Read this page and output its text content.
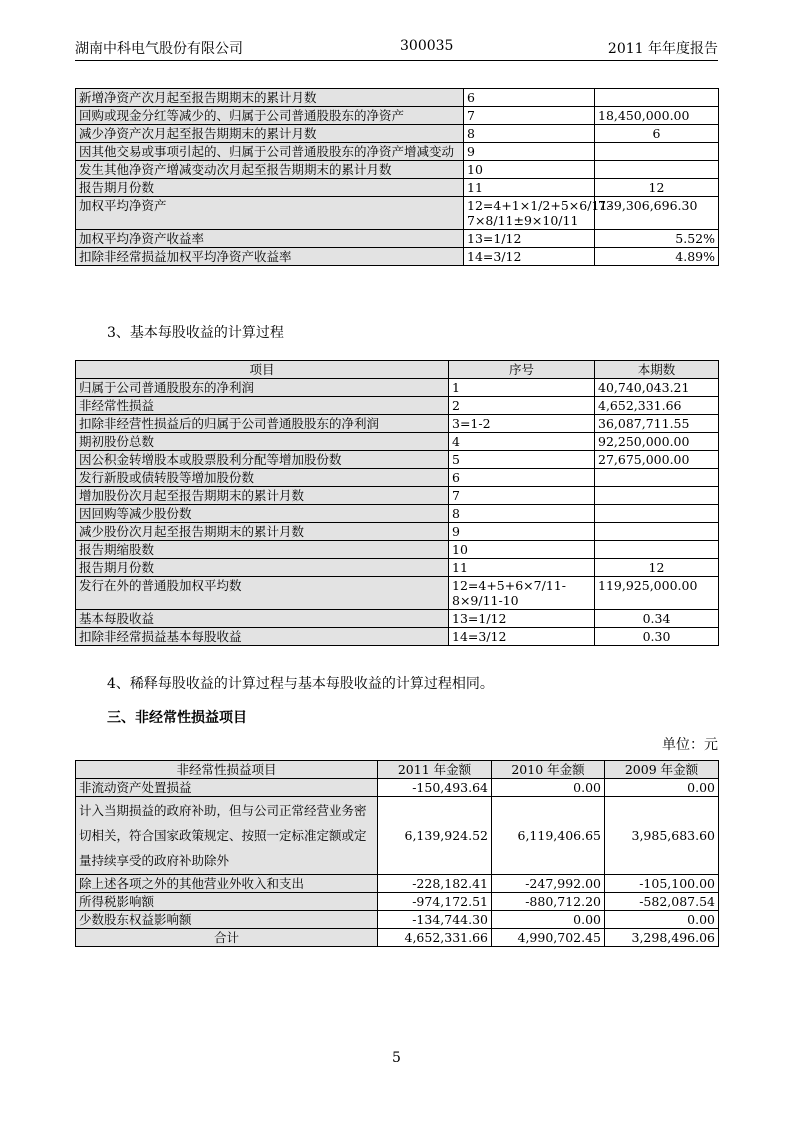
湖南中科电气股份有限公司	300035	2011 年年度报告
新增净资产次月起至报告期期末的累计月数	6	
回购或现金分红等减少的、归属于公司普通股股东的净资产	7	18,450,000.00
减少净资产次月起至报告期期末的累计月数	8	6
因其他交易或事项引起的、归属于公司普通股股东的净资产增减变动	9	
发生其他净资产增减变动次月起至报告期期末的累计月数	10	
报告期月份数	11	12
加权平均净资产	12=4+1×1/2+5×6/11-7×8/11±9×10/11	739,306,696.30
加权平均净资产收益率	13=1/12	5.52%
扣除非经常损益加权平均净资产收益率	14=3/12	4.89%
3、基本每股收益的计算过程
项目	序号	本期数
归属于公司普通股股东的净利润	1	40,740,043.21
非经常性损益	2	4,652,331.66
扣除非经营性损益后的归属于公司普通股股东的净利润	3=1-2	36,087,711.55
期初股份总数	4	92,250,000.00
因公积金转增股本或股票股利分配等增加股份数	5	27,675,000.00
发行新股或债转股等增加股份数	6	
增加股份次月起至报告期期末的累计月数	7	
因回购等减少股份数	8	
减少股份次月起至报告期期末的累计月数	9	
报告期缩股数	10	
报告期月份数	11	12
发行在外的普通股加权平均数	12=4+5+6×7/11-8×9/11-10	119,925,000.00
基本每股收益	13=1/12	0.34
扣除非经常损益基本每股收益	14=3/12	0.30
4、稀释每股收益的计算过程与基本每股收益的计算过程相同。
三、非经常性损益项目
单位：元
非经常性损益项目	2011 年金额	2010 年金额	2009 年金额
非流动资产处置损益	-150,493.64	0.00	0.00
计入当期损益的政府补助，但与公司正常经营业务密切相关，符合国家政策规定、按照一定标准定额或定量持续享受的政府补助除外	6,139,924.52	6,119,406.65	3,985,683.60
除上述各项之外的其他营业外收入和支出	-228,182.41	-247,992.00	-105,100.00
所得税影响额	-974,172.51	-880,712.20	-582,087.54
少数股东权益影响额	-134,744.30	0.00	0.00
合计	4,652,331.66	4,990,702.45	3,298,496.06
5
